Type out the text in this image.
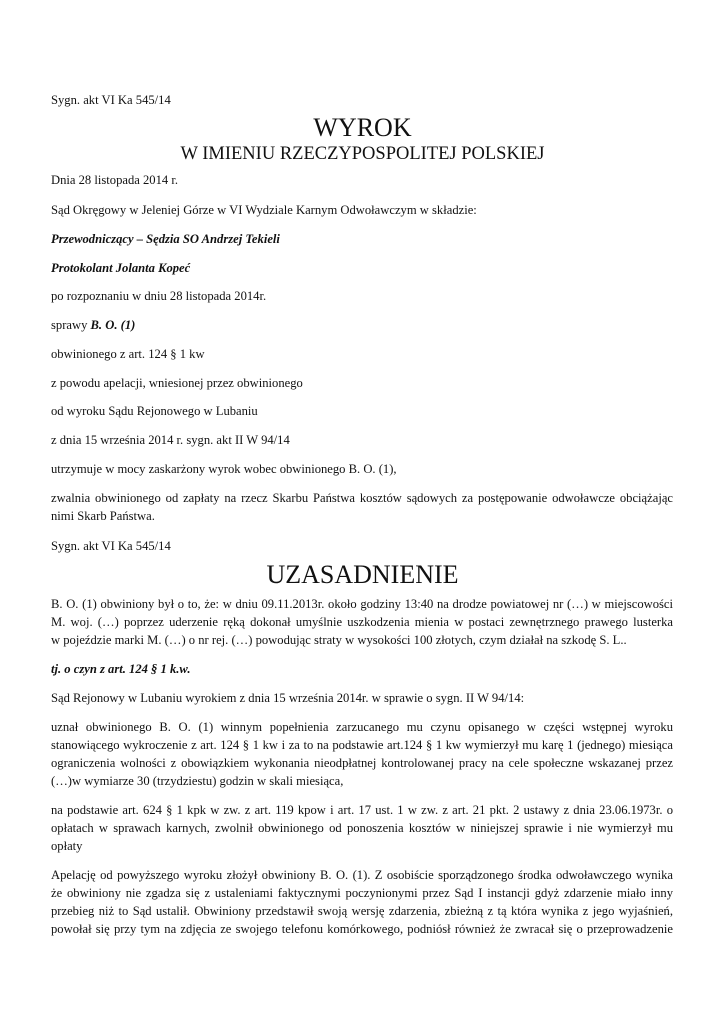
Sygn. akt VI Ka 545/14

WYROK
W IMIENIU RZECZYPOSPOLITEJ POLSKIEJ

Dnia 28 listopada 2014 r.

Sąd Okręgowy w Jeleniej Górze w VI Wydziale Karnym Odwoławczym w składzie:

Przewodniczący – Sędzia SO Andrzej Tekieli

Protokolant Jolanta Kopeć

po rozpoznaniu w dniu 28 listopada 2014r.

sprawy B. O. (1)

obwinionego z art. 124 § 1 kw

z powodu apelacji, wniesionej przez obwinionego

od wyroku Sądu Rejonowego w Lubaniu

z dnia 15 września 2014 r. sygn. akt II W 94/14

utrzymuje w mocy zaskarżony wyrok wobec obwinionego B. O. (1),

zwalnia obwinionego od zapłaty na rzecz Skarbu Państwa kosztów sądowych za postępowanie odwoławcze obciążając

nimi Skarb Państwa.

Sygn. akt VI Ka 545/14

UZASADNIENIE

B. O. (1) obwiniony był o to, że: w dniu 09.11.2013r. około godziny 13:40 na drodze powiatowej nr (…) w miejscowości

M. woj. (…) poprzez uderzenie ręką dokonał umyślnie uszkodzenia mienia w postaci zewnętrznego prawego lusterka

w pojeździe marki M. (…) o nr rej. (…) powodując straty w wysokości 100 złotych, czym działał na szkodę S. L..

tj. o czyn z art. 124 § 1 k.w.

Sąd Rejonowy w Lubaniu wyrokiem z dnia 15 września 2014r. w sprawie o sygn. II W 94/14:

uznał obwinionego B. O. (1) winnym popełnienia zarzucanego mu czynu opisanego w części wstępnej wyroku

stanowiącego wykroczenie z art. 124 § 1 kw i za to na podstawie art.124 § 1 kw wymierzył mu karę 1 (jednego) miesiąca

ograniczenia wolności z obowiązkiem wykonania nieodpłatnej kontrolowanej pracy na cele społeczne wskazanej przez

(…)w wymiarze 30 (trzydziestu) godzin w skali miesiąca,

na podstawie art. 624 § 1 kpk w zw. z art. 119 kpow i art. 17 ust. 1 w zw. z art. 21 pkt. 2 ustawy z dnia 23.06.1973r. o

opłatach w sprawach karnych, zwolnił obwinionego od ponoszenia kosztów w niniejszej sprawie i nie wymierzył mu

opłaty

Apelację od powyższego wyroku złożył obwiniony B. O. (1). Z osobiście sporządzonego środka odwoławczego wynika

że obwiniony nie zgadza się z ustaleniami faktycznymi poczynionymi przez Sąd I instancji gdyż zdarzenie miało inny

przebieg niż to Sąd ustalił. Obwiniony przedstawił swoją wersję zdarzenia, zbieżną z tą która wynika z jego wyjaśnień,

powołał się przy tym na zdjęcia ze swojego telefonu komórkowego, podniósł również że zwracał się o przeprowadzenie
